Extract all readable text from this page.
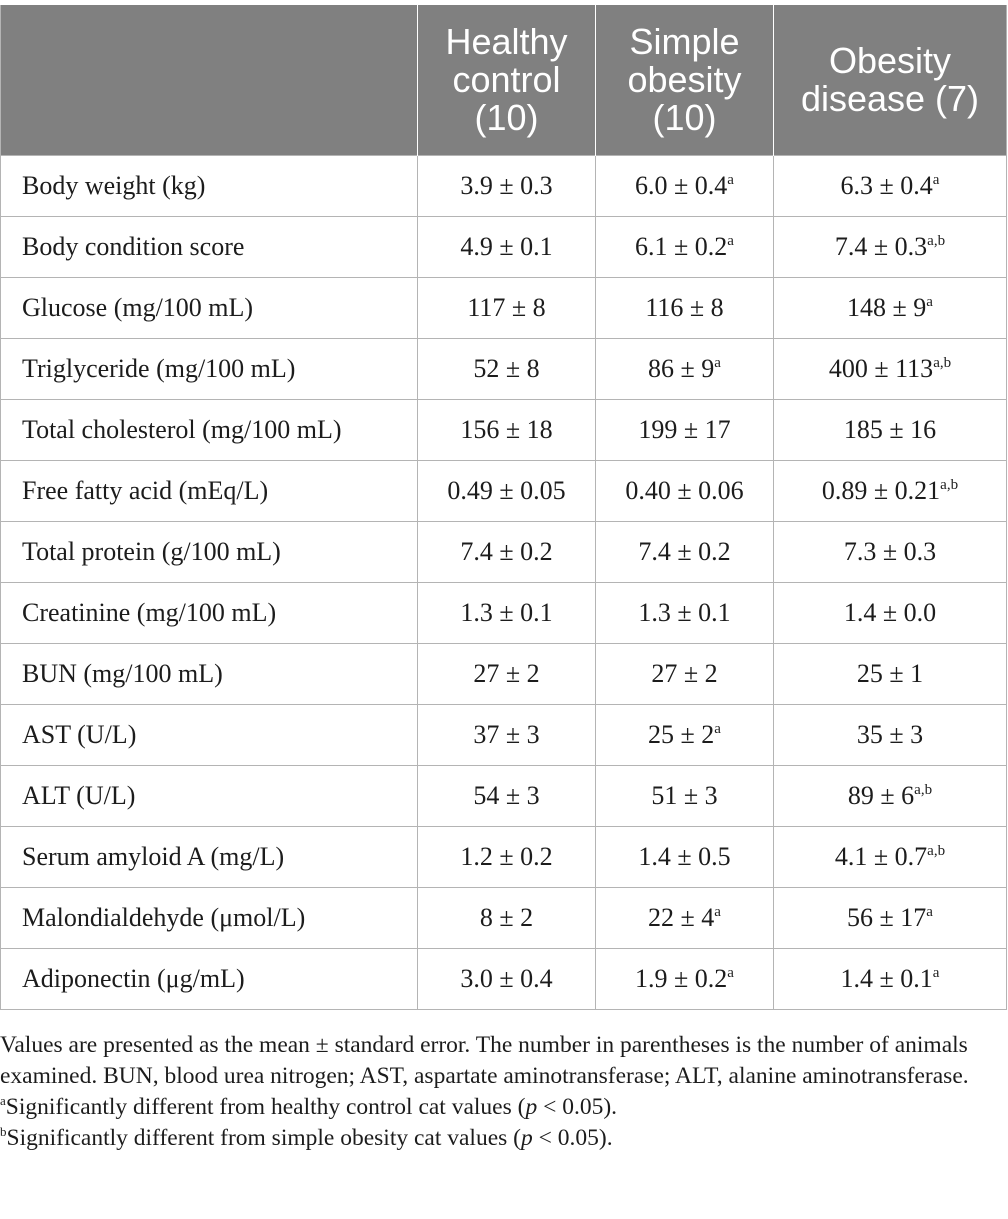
	Healthy
control
(10)	Simple
obesity
(10)	Obesity
disease (7)
Body weight (kg)	3.9 ± 0.3	6.0 ± 0.4$^a$	6.3 ± 0.4$^a$
Body condition score	4.9 ± 0.1	6.1 ± 0.2$^a$	$7.4 \pm 0.3^{a,b}$
Glucose (mg/100 mL)	117 ± 8	116 ± 8	$148 \pm 9^a$
Triglyceride (mg/100 mL)	52 ± 8	$86 \pm 9^a$	$400 \pm 113^{a,b}$
Total cholesterol (mg/100 mL)	156 ± 18	199 ± 17	185 ± 16
Free fatty acid (mEq/L)	0.49 ± 0.05	0.40 ± 0.06	$0.89 \pm 0.21^{a,b}$
Total protein (g/100 mL)	7.4 ± 0.2	7.4 ± 0.2	7.3 ± 0.3
Creatinine (mg/100 mL)	1.3 ± 0.1	1.3 ± 0.1	1.4 ± 0.0
BUN (mg/100 mL)	27 ± 2	27 ± 2	25 ± 1
AST (U/L)	37 ± 3	$25 \pm 2^a$	35 ± 3
ALT (U/L)	54 ± 3	51 ± 3	$89 \pm 6^{a,b}$
Serum amyloid A (mg/L)	1.2 ± 0.2	1.4 ± 0.5	$4.1 \pm 0.7^{a,b}$
Malondialdehyde (μmol/L)	8 ± 2	$22 \pm 4^a$	$56 \pm 17^a$
Adiponectin (μg/mL)	3.0 ± 0.4	1.9 ± 0.2$^a$	1.4 ± 0.1$^a$

Values are presented as the mean ± standard error. The number in parentheses is the number of animals examined. BUN, blood urea nitrogen; AST, aspartate aminotransferase; ALT, alanine aminotransferase.

$^a$Significantly different from healthy control cat values (p < 0.05).

$^b$Significantly different from simple obesity cat values (p < 0.05).
